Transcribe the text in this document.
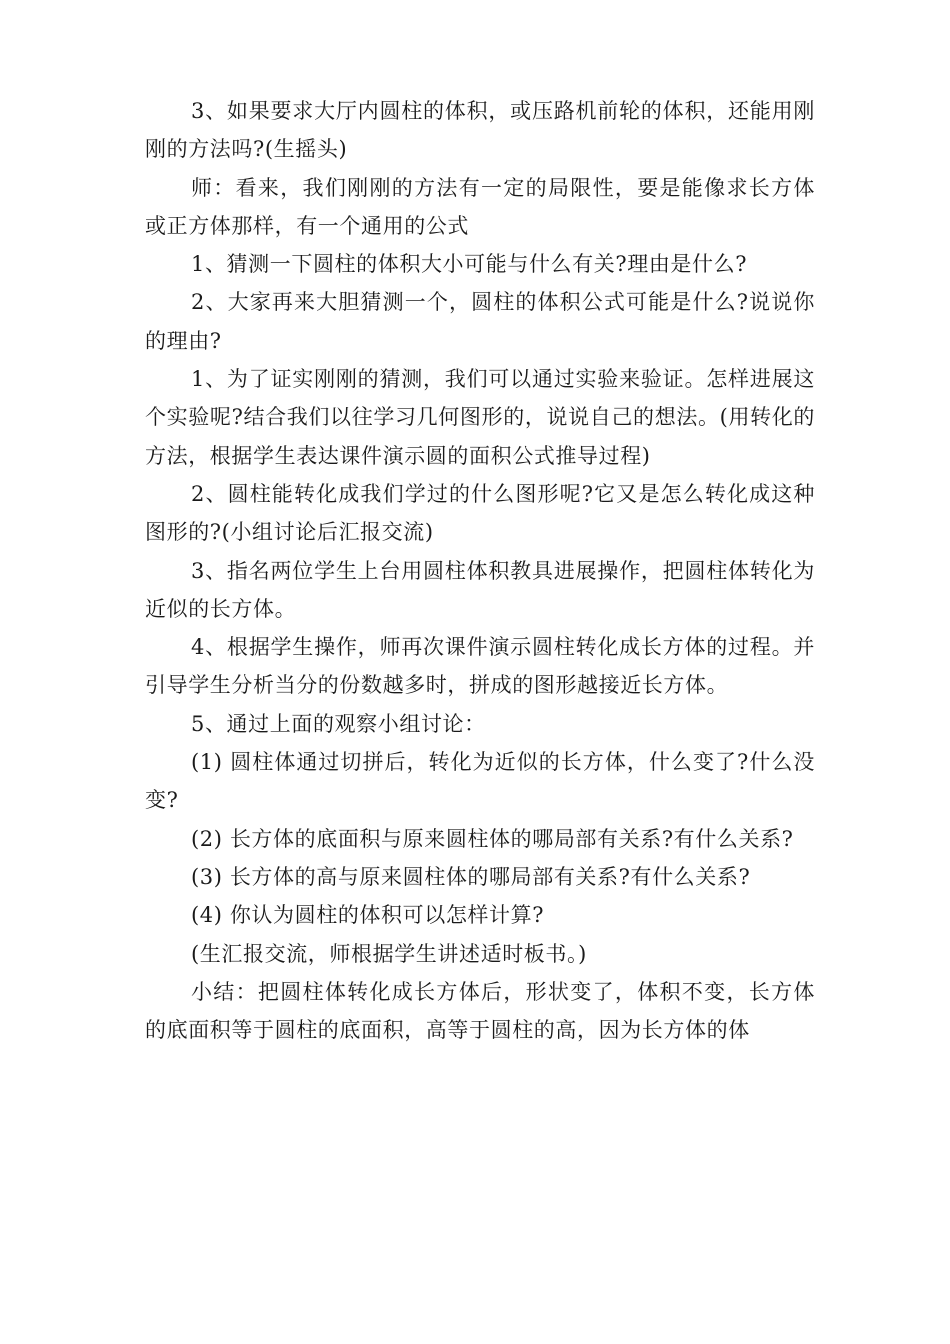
3、如果要求大厅内圆柱的体积，或压路机前轮的体积，还能用刚刚的方法吗?(生摇头)

师：看来，我们刚刚的方法有一定的局限性，要是能像求长方体或正方体那样，有一个通用的公式

1、猜测一下圆柱的体积大小可能与什么有关?理由是什么?

2、大家再来大胆猜测一个，圆柱的体积公式可能是什么?说说你的理由?

1、为了证实刚刚的猜测，我们可以通过实验来验证。怎样进展这个实验呢?结合我们以往学习几何图形的，说说自己的想法。(用转化的方法，根据学生表达课件演示圆的面积公式推导过程)

2、圆柱能转化成我们学过的什么图形呢?它又是怎么转化成这种图形的?(小组讨论后汇报交流)

3、指名两位学生上台用圆柱体积教具进展操作，把圆柱体转化为近似的长方体。

4、根据学生操作，师再次课件演示圆柱转化成长方体的过程。并引导学生分析当分的份数越多时，拼成的图形越接近长方体。

5、通过上面的观察小组讨论：

(1) 圆柱体通过切拼后，转化为近似的长方体，什么变了?什么没变?

(2) 长方体的底面积与原来圆柱体的哪局部有关系?有什么关系?

(3) 长方体的高与原来圆柱体的哪局部有关系?有什么关系?

(4) 你认为圆柱的体积可以怎样计算?

(生汇报交流，师根据学生讲述适时板书。)

小结：把圆柱体转化成长方体后，形状变了，体积不变，长方体的底面积等于圆柱的底面积，高等于圆柱的高，因为长方体的体
